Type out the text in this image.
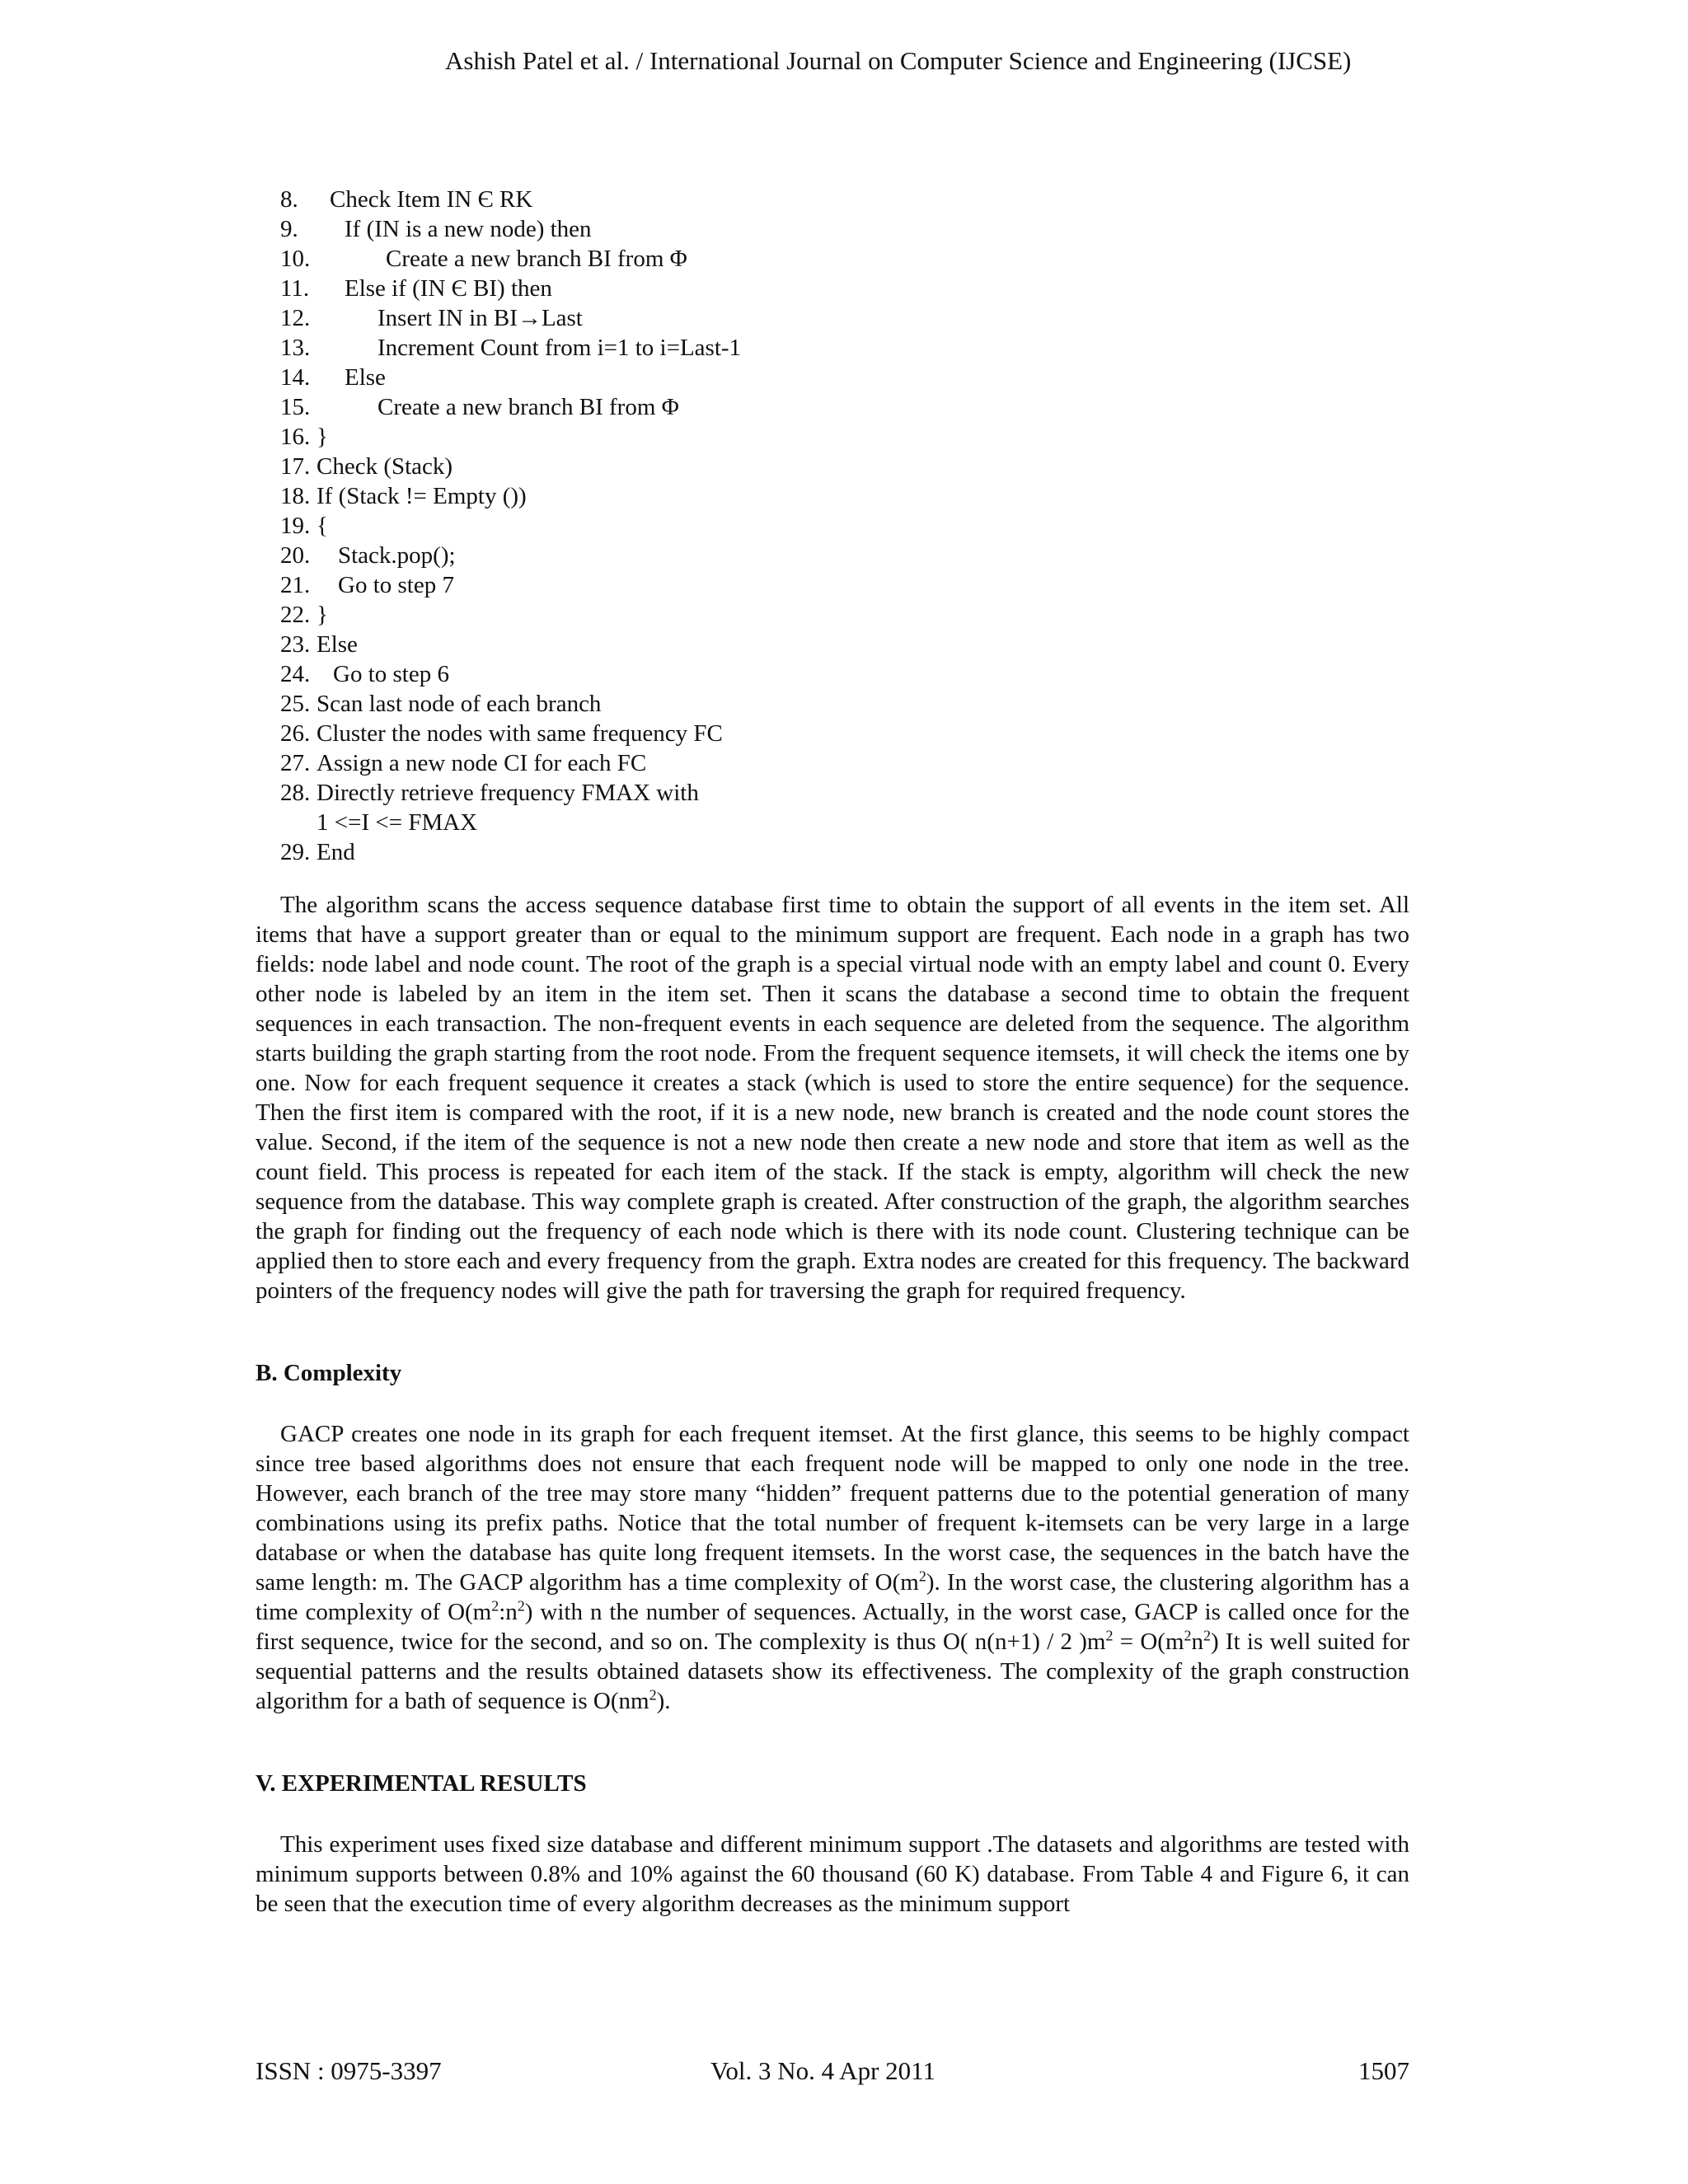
Ashish Patel et al. / International Journal on Computer Science and Engineering (IJCSE)
8. Check Item IN Є RK
9. If (IN is a new node) then
10.	Create a new branch BI from Φ
11. Else if (IN Є BI) then
12.	Insert IN in BI→Last
13.	Increment Count from i=1 to i=Last-1
14. Else
15.	Create a new branch BI from Φ
16. }
17. Check (Stack)
18. If (Stack != Empty ())
19. {
20. Stack.pop();
21. Go to step 7
22. }
23. Else
24. Go to step 6
25. Scan last node of each branch
26. Cluster the nodes with same frequency FC
27. Assign a new node CI for each FC
28. Directly retrieve frequency FMAX with
1 <=I <= FMAX
29. End

The algorithm scans the access sequence database first time to obtain the support of all events in the item set. All items that have a support greater than or equal to the minimum support are frequent. Each node in a graph has two fields: node label and node count. The root of the graph is a special virtual node with an empty label and count 0. Every other node is labeled by an item in the item set. Then it scans the database a second time to obtain the frequent sequences in each transaction. The non-frequent events in each sequence are deleted from the sequence. The algorithm starts building the graph starting from the root node. From the frequent sequence itemsets, it will check the items one by one. Now for each frequent sequence it creates a stack (which is used to store the entire sequence) for the sequence. Then the first item is compared with the root, if it is a new node, new branch is created and the node count stores the value. Second, if the item of the sequence is not a new node then create a new node and store that item as well as the count field. This process is repeated for each item of the stack. If the stack is empty, algorithm will check the new sequence from the database. This way complete graph is created. After construction of the graph, the algorithm searches the graph for finding out the frequency of each node which is there with its node count. Clustering technique can be applied then to store each and every frequency from the graph. Extra nodes are created for this frequency. The backward pointers of the frequency nodes will give the path for traversing the graph for required frequency.

B. Complexity

GACP creates one node in its graph for each frequent itemset. At the first glance, this seems to be highly compact since tree based algorithms does not ensure that each frequent node will be mapped to only one node in the tree. However, each branch of the tree may store many “hidden” frequent patterns due to the potential generation of many combinations using its prefix paths. Notice that the total number of frequent k-itemsets can be very large in a large database or when the database has quite long frequent itemsets. In the worst case, the sequences in the batch have the same length: m. The GACP algorithm has a time complexity of $O(m^2)$. In the worst case, the clustering algorithm has a time complexity of $O(m^2:n^2)$ with n the number of sequences. Actually, in the worst case, GACP is called once for the first sequence, twice for the second, and so on. The complexity is thus O( n(n+1) / 2 )$m^2 = O(m^2n^2)$ It is well suited for sequential patterns and the results obtained datasets show its effectiveness. The complexity of the graph construction algorithm for a bath of sequence is $O(nm^2)$.

V. EXPERIMENTAL RESULTS

This experiment uses fixed size database and different minimum support .The datasets and algorithms are tested with minimum supports between 0.8% and 10% against the 60 thousand (60 K) database. From Table 4 and Figure 6, it can be seen that the execution time of every algorithm decreases as the minimum support

ISSN : 0975-3397	Vol. 3 No. 4 Apr 2011	1507
